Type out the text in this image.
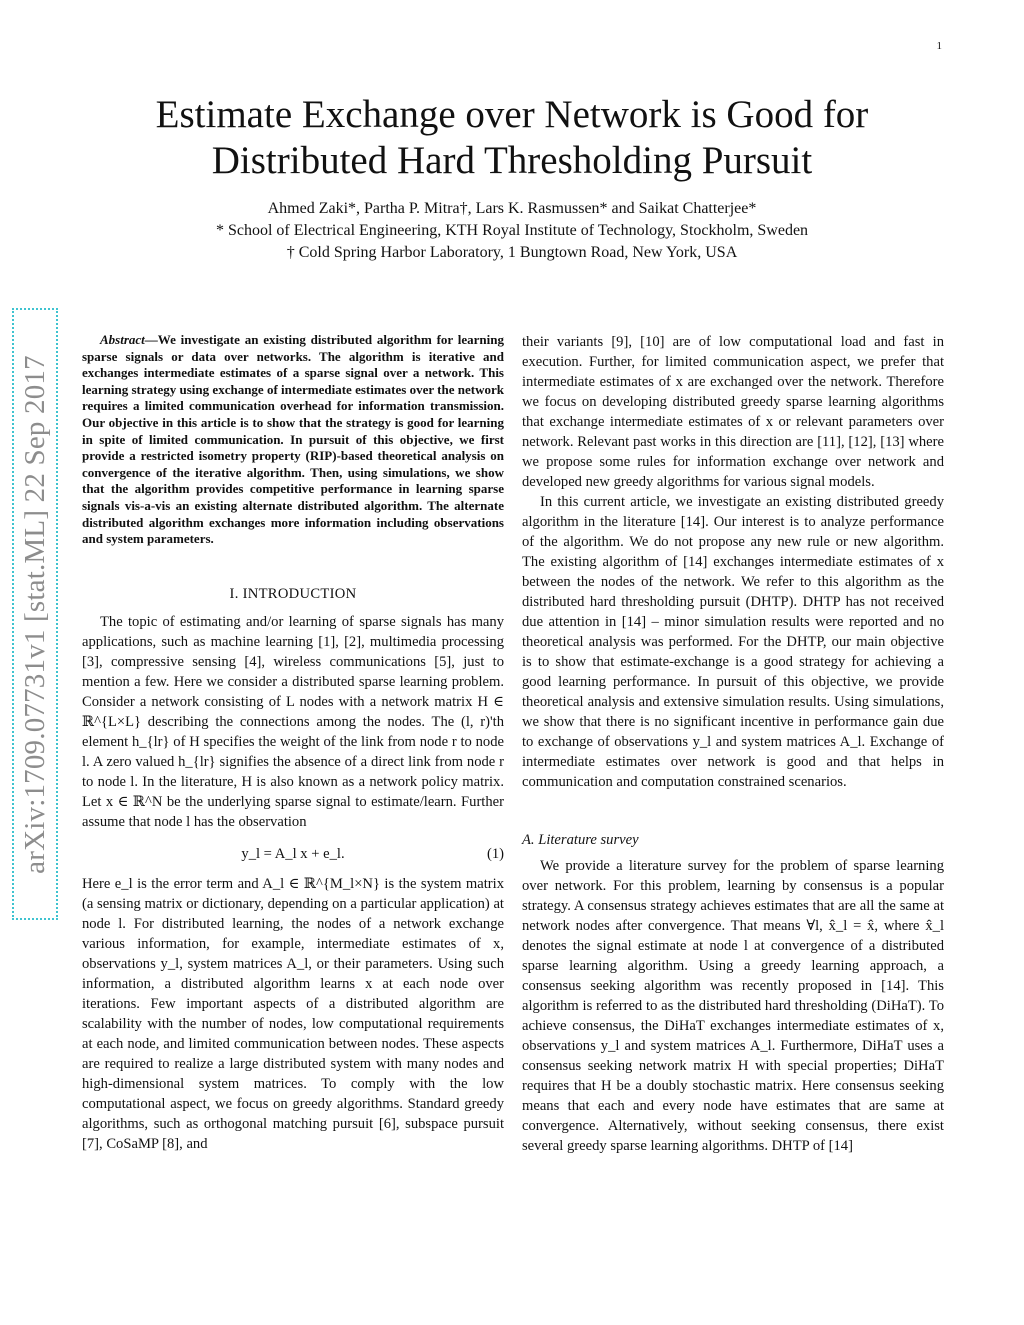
1
arXiv:1709.07731v1 [stat.ML] 22 Sep 2017
Estimate Exchange over Network is Good for
Distributed Hard Thresholding Pursuit
Ahmed Zaki*, Partha P. Mitra†, Lars K. Rasmussen* and Saikat Chatterjee*
* School of Electrical Engineering, KTH Royal Institute of Technology, Stockholm, Sweden
† Cold Spring Harbor Laboratory, 1 Bungtown Road, New York, USA

Abstract—We investigate an existing distributed algorithm for learning sparse signals or data over networks. The algorithm is iterative and exchanges intermediate estimates of a sparse signal over a network. This learning strategy using exchange of intermediate estimates over the network requires a limited communication overhead for information transmission. Our objective in this article is to show that the strategy is good for learning in spite of limited communication. In pursuit of this objective, we first provide a restricted isometry property (RIP)-based theoretical analysis on convergence of the iterative algorithm. Then, using simulations, we show that the algorithm provides competitive performance in learning sparse signals vis-a-vis an existing alternate distributed algorithm. The alternate distributed algorithm exchanges more information including observations and system parameters.

I. INTRODUCTION

The topic of estimating and/or learning of sparse signals has many applications, such as machine learning [1], [2], multimedia processing [3], compressive sensing [4], wireless communications [5], just to mention a few. Here we consider a distributed sparse learning problem. Consider a network consisting of L nodes with a network matrix H ∈ ℝ^{L×L} describing the connections among the nodes. The (l, r)'th element h_{lr} of H specifies the weight of the link from node r to node l. A zero valued h_{lr} signifies the absence of a direct link from node r to node l. In the literature, H is also known as a network policy matrix. Let x ∈ ℝ^N be the underlying sparse signal to estimate/learn. Further assume that node l has the observation

y_l = A_l x + e_l.	(1)

Here e_l is the error term and A_l ∈ ℝ^{M_l×N} is the system matrix (a sensing matrix or dictionary, depending on a particular application) at node l. For distributed learning, the nodes of a network exchange various information, for example, intermediate estimates of x, observations y_l, system matrices A_l, or their parameters. Using such information, a distributed algorithm learns x at each node over iterations. Few important aspects of a distributed algorithm are scalability with the number of nodes, low computational requirements at each node, and limited communication between nodes. These aspects are required to realize a large distributed system with many nodes and high-dimensional system matrices. To comply with the low computational aspect, we focus on greedy algorithms. Standard greedy algorithms, such as orthogonal matching pursuit [6], subspace pursuit [7], CoSaMP [8], and

their variants [9], [10] are of low computational load and fast in execution. Further, for limited communication aspect, we prefer that intermediate estimates of x are exchanged over the network. Therefore we focus on developing distributed greedy sparse learning algorithms that exchange intermediate estimates of x or relevant parameters over network. Relevant past works in this direction are [11], [12], [13] where we propose some rules for information exchange over network and developed new greedy algorithms for various signal models.

In this current article, we investigate an existing distributed greedy algorithm in the literature [14]. Our interest is to analyze performance of the algorithm. We do not propose any new rule or new algorithm. The existing algorithm of [14] exchanges intermediate estimates of x between the nodes of the network. We refer to this algorithm as the distributed hard thresholding pursuit (DHTP). DHTP has not received due attention in [14] – minor simulation results were reported and no theoretical analysis was performed. For the DHTP, our main objective is to show that estimate-exchange is a good strategy for achieving a good learning performance. In pursuit of this objective, we provide theoretical analysis and extensive simulation results. Using simulations, we show that there is no significant incentive in performance gain due to exchange of observations y_l and system matrices A_l. Exchange of intermediate estimates over network is good and that helps in communication and computation constrained scenarios.

A. Literature survey

We provide a literature survey for the problem of sparse learning over network. For this problem, learning by consensus is a popular strategy. A consensus strategy achieves estimates that are all the same at network nodes after convergence. That means ∀l, x̂_l = x̂, where x̂_l denotes the signal estimate at node l at convergence of a distributed sparse learning algorithm. Using a greedy learning approach, a consensus seeking algorithm was recently proposed in [14]. This algorithm is referred to as the distributed hard thresholding (DiHaT). To achieve consensus, the DiHaT exchanges intermediate estimates of x, observations y_l and system matrices A_l. Furthermore, DiHaT uses a consensus seeking network matrix H with special properties; DiHaT requires that H be a doubly stochastic matrix. Here consensus seeking means that each and every node have estimates that are same at convergence. Alternatively, without seeking consensus, there exist several greedy sparse learning algorithms. DHTP of [14]
